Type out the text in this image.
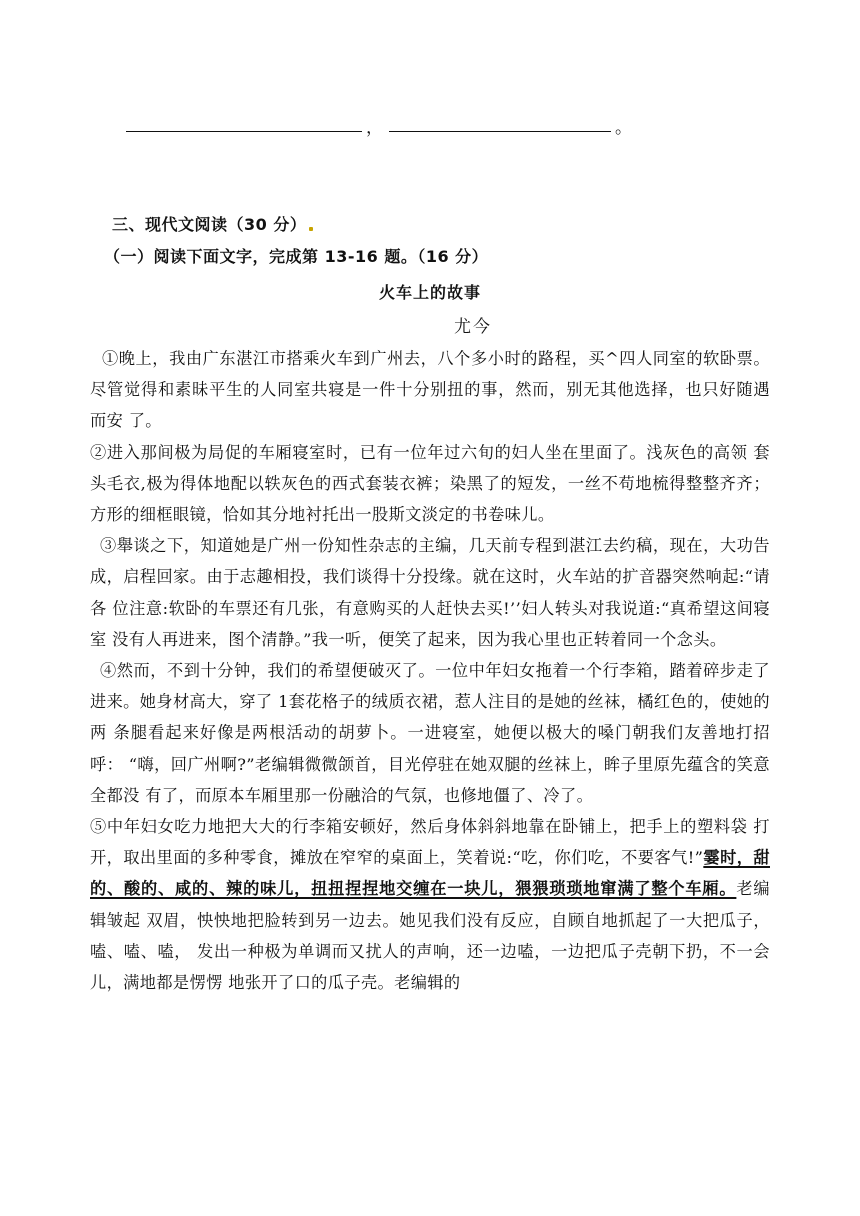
，	。
三、现代文阅读（30 分）
（一）阅读下面文字，完成第 13-16 题。（16 分）
火车上的故事
尤今

①晚上，我由广东湛江市搭乘火车到广州去，八个多小时的路程，买^四人同室的软卧票。 尽管觉得和素昧平生的人同室共寝是一件十分别扭的事，然而，别无其他选择，也只好随遇而安 了。

②进入那间极为局促的车厢寝室时，已有一位年过六旬的妇人坐在里面了。浅灰色的高领 套头毛衣,极为得体地配以轶灰色的西式套装衣裤；染黑了的短发，一丝不苟地梳得整整齐齐； 方形的细框眼镜，恰如其分地衬托出一股斯文淡定的书卷味儿。

③舉谈之下，知道她是广州一份知性杂志的主编，几天前专程到湛江去约稿，现在，大功告 成，启程回家。由于志趣相投，我们谈得十分投缘。就在这时，火车站的扩音器突然响起:“请各 位注意:软卧的车票还有几张，有意购买的人赶快去买!’’妇人转头对我说道:“真希望这间寝室 没有人再进来，图个清静。”我一听，便笑了起来，因为我心里也正转着同一个念头。

④然而，不到十分钟，我们的希望便破灭了。一位中年妇女拖着一个行李箱，踏着碎步走了 进来。她身材高大，穿了 1套花格子的绒质衣裙，惹人注目的是她的丝袜，橘红色的，使她的两 条腿看起来好像是两根活动的胡萝卜。一进寝室，她便以极大的嗓门朝我们友善地打招呼： “嗨，回广州啊?”老编辑微微颌首，目光停驻在她双腿的丝袜上，眸子里原先蕴含的笑意全都没 有了，而原本车厢里那一份融洽的气氛，也修地僵了、冷了。

⑤中年妇女吃力地把大大的行李箱安顿好，然后身体斜斜地靠在卧铺上，把手上的塑料袋 打开，取出里面的多种零食，摊放在窄窄的桌面上，笑着说:“吃，你们吃，不要客气!”霎时，甜 的、酸的、咸的、辣的味儿，扭扭捏捏地交缠在一块儿，猥猥琐琐地窜满了整个车厢。老编辑皱起 双眉，怏怏地把脸转到另一边去。她见我们没有反应，自顾自地抓起了一大把瓜子，嗑、嗑、嗑， 发出一种极为单调而又扰人的声响，还一边嗑，一边把瓜子壳朝下扔，不一会儿，满地都是愣愣 地张开了口的瓜子壳。老编辑的
